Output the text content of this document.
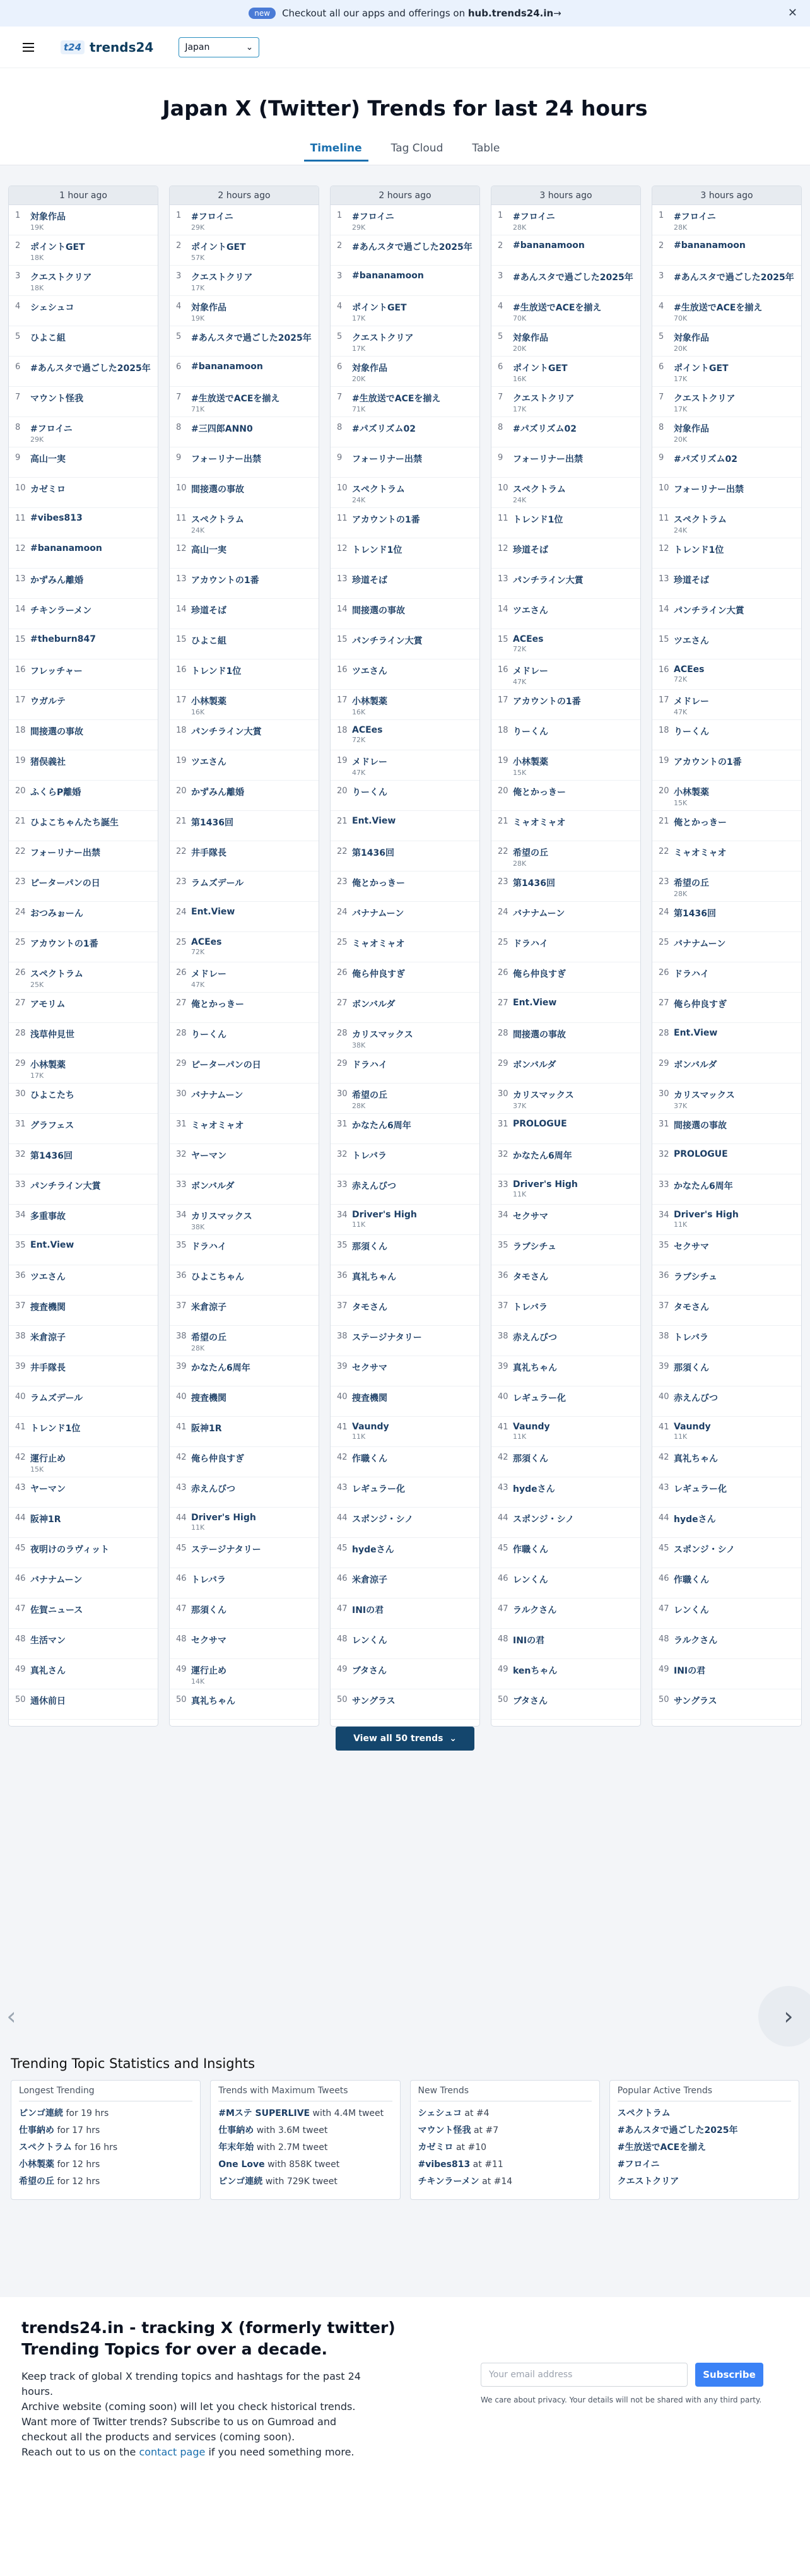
new	Checkout all our apps and offerings on hub.trends24.in→	✕
t24 trends24	Japan	⌄
Japan X (Twitter) Trends for last 24 hours
Timeline	Tag Cloud	Table
1 hour ago
1	対象作品
19K
2	ポイントGET
18K
3	クエストクリア
18K
4	シェシュコ
5	ひよこ組
6	#あんスタで過ごした2025年
7	マウント怪我
8	#フロイニ
29K
9	高山一実
10 カゼミロ
11 #vibes813
12 #bananamoon
13 かずみん離婚
14 チキンラーメン
15 #theburn847
16 フレッチャー
17 ウガルテ
18 間接選の事故
19 猪俣義社
20 ふくらP離婚
21 ひよこちゃんたち誕生
22 フォーリナー出禁
23 ピーターパンの日
24 おつみぉーん
25 アカウントの1番
26 スペクトラム
25K
27 アモリム
28 浅草仲見世
29 小林製薬
17K
30 ひよこたち
31 グラフェス
32 第1436回
33 パンチライン大賞
34 多重事故
35 Ent.View
36 ツエさん
37 捜査機関
38 米倉涼子
39 井手隊長
40 ラムズデール
41 トレンド1位
42 運行止め
15K
43 ヤーマン
44 阪神1R
45 夜明けのラヴィット
46 バナナムーン
47 佐賀ニュース
48 生活マン
49 真礼さん
50 通休前日
2 hours ago
1	#フロイニ
29K
2	ポイントGET
57K
3	クエストクリア
17K
4	対象作品
19K
5	#あんスタで過ごした2025年
6	#bananamoon
7	#生放送でACEを揃え
71K
8	#三四郎ANN0
9	フォーリナー出禁
10 間接選の事故
11 スペクトラム
24K
12 高山一実
13 アカウントの1番
14 珍道そば
15 ひよこ組
16 トレンド1位
17 小林製薬
16K
18 パンチライン大賞
19 ツエさん
20 かずみん離婚
21 第1436回
22 井手隊長
23 ラムズデール
24 Ent.View
25 ACEes
72K
26 メドレー
47K
27 俺とかっきー
28 りーくん
29 ピーターパンの日
30 バナナムーン
31 ミャオミャオ
32 ヤーマン
33 ボンバルダ
34 カリスマックス
38K
35 ドラハイ
36 ひよこちゃん
37 米倉涼子
38 希望の丘
28K
39 かなたん6周年
40 捜査機関
41 阪神1R
42 俺ら仲良すぎ
43 赤えんびつ
44 Driver's High
11K
45 ステージナタリー
46 トレバラ
47 那須くん
48 セクサマ
49 運行止め
14K
50 真礼ちゃん
2 hours ago
1	#フロイニ
29K
2	#あんスタで過ごした2025年
3	#bananamoon
4	ポイントGET
17K
5	クエストクリア
17K
6	対象作品
20K
7	#生放送でACEを揃え
71K
8	#パズリズム02
9	フォーリナー出禁
10 スペクトラム
24K
11 アカウントの1番
12 トレンド1位
13 珍道そば
14 間接選の事故
15 パンチライン大賞
16 ツエさん
17 小林製薬
16K
18 ACEes
72K
19 メドレー
47K
20 りーくん
21 Ent.View
22 第1436回
23 俺とかっきー
24 バナナムーン
25 ミャオミャオ
26 俺ら仲良すぎ
27 ボンバルダ
28 カリスマックス
38K
29 ドラハイ
30 希望の丘
28K
31 かなたん6周年
32 トレバラ
33 赤えんびつ
34 Driver's High
11K
35 那須くん
36 真礼ちゃん
37 タモさん
38 ステージナタリー
39 セクサマ
40 捜査機関
41 Vaundy
11K
42 作職くん
43 レギュラー化
44 スポンジ・シノ
45 hydeさん
46 米倉涼子
47 INIの君
48 レンくん
49 ブタさん
50 サングラス
3 hours ago
1	#フロイニ
28K
2	#bananamoon
3	#あんスタで過ごした2025年
4	#生放送でACEを揃え
70K
5	対象作品
20K
6	ポイントGET
16K
7	クエストクリア
17K
8	#パズリズム02
9	フォーリナー出禁
10 スペクトラム
24K
11 トレンド1位
12 珍道そば
13 パンチライン大賞
14 ツエさん
15 ACEes
72K
16 メドレー
47K
17 アカウントの1番
18 りーくん
19 小林製薬
15K
20 俺とかっきー
21 ミャオミャオ
22 希望の丘
28K
23 第1436回
24 バナナムーン
25 ドラハイ
26 俺ら仲良すぎ
27 Ent.View
28 間接選の事故
29 ボンバルダ
30 カリスマックス
37K
31 PROLOGUE
32 かなたん6周年
33 Driver's High
11K
34 セクサマ
35 ラブシチュ
36 タモさん
37 トレバラ
38 赤えんびつ
39 真礼ちゃん
40 レギュラー化
41 Vaundy
11K
42 那須くん
43 hydeさん
44 スポンジ・シノ
45 作職くん
46 レンくん
47 ラルクさん
48 INIの君
49 kenちゃん
50 ブタさん
3 hours ago
1	#フロイニ
28K
2	#bananamoon
3	#あんスタで過ごした2025年
4	#生放送でACEを揃え
70K
5	対象作品
20K
6	ポイントGET
17K
7	クエストクリア
17K
8	対象作品
20K
9	#パズリズム02
10 フォーリナー出禁
11 スペクトラム
24K
12 トレンド1位
13 珍道そば
14 パンチライン大賞
15 ツエさん
16 ACEes
72K
17 メドレー
47K
18 りーくん
19 アカウントの1番
20 小林製薬
15K
21 俺とかっきー
22 ミャオミャオ
23 希望の丘
28K
24 第1436回
25 バナナムーン
26 ドラハイ
27 俺ら仲良すぎ
28 Ent.View
29 ボンバルダ
30 カリスマックス
37K
31 間接選の事故
32 PROLOGUE
33 かなたん6周年
34 Driver's High
11K
35 セクサマ
36 ラブシチュ
37 タモさん
38 トレバラ
39 那須くん
40 赤えんびつ
41 Vaundy
11K
42 真礼ちゃん
43 レギュラー化
44 hydeさん
45 スポンジ・シノ
46 作職くん
47 レンくん
48 ラルクさん
49 INIの君
50 サングラス
View all 50 trends
⌄
‹	›
Trending Topic Statistics and Insights
Longest Trending
ピンゴ連続 for 19 hrs
仕事納め for 17 hrs
スペクトラム for 16 hrs
小林製薬 for 12 hrs
希望の丘 for 12 hrs
Trends with Maximum Tweets
#Mステ SUPERLIVE with 4.4M tweet
仕事納め with 3.6M tweet
年末年始 with 2.7M tweet
One Love with 858K tweet
ピンゴ連続 with 729K tweet
New Trends
シェシュコ at #4
マウント怪我 at #7
カゼミロ at #10
#vibes813 at #11
チキンラーメン at #14
Popular Active Trends
スペクトラム
#あんスタで過ごした2025年
#生放送でACEを揃え
#フロイニ
クエストクリア
trends24.in - tracking X (formerly twitter) Trending Topics for over a decade.

Keep track of global X trending topics and hashtags for the past 24 hours.

Archive website (coming soon) will let you check historical trends.

Want more of Twitter trends? Subscribe to us on Gumroad and checkout all the products and services (coming soon).

Reach out to us on the contact page if you need something more.

Your email address	Subscribe

We care about privacy. Your details will not be shared with any third party.
